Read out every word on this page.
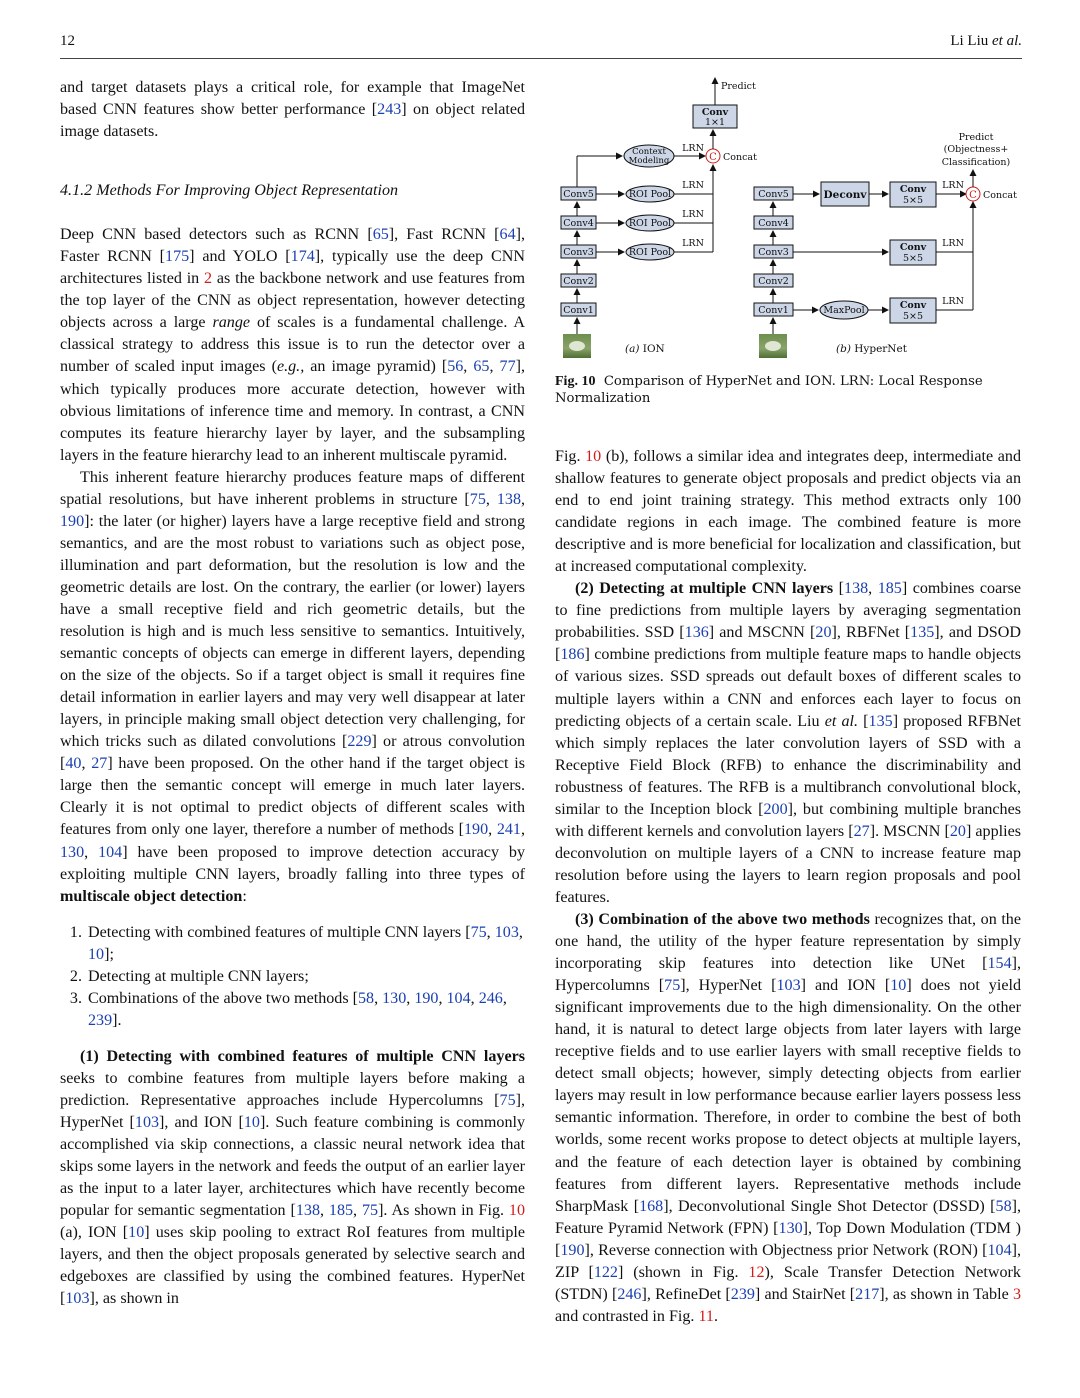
12	Li Liu et al.

and target datasets plays a critical role, for example that ImageNet based CNN features show better performance [243] on object related image datasets.

4.1.2 Methods For Improving Object Representation

Deep CNN based detectors such as RCNN [65], Fast RCNN [64], Faster RCNN [175] and YOLO [174], typically use the deep CNN architectures listed in 2 as the backbone network and use features from the top layer of the CNN as object representation, however detecting objects across a large range of scales is a fundamental challenge. A classical strategy to address this issue is to run the detector over a number of scaled input images (e.g., an image pyramid) [56, 65, 77], which typically produces more accurate detection, however with obvious limitations of inference time and memory. In contrast, a CNN computes its feature hierarchy layer by layer, and the subsampling layers in the feature hierarchy lead to an inherent multiscale pyramid.

This inherent feature hierarchy produces feature maps of different spatial resolutions, but have inherent problems in structure [75, 138, 190]: the later (or higher) layers have a large receptive field and strong semantics, and are the most robust to variations such as object pose, illumination and part deformation, but the resolution is low and the geometric details are lost. On the contrary, the earlier (or lower) layers have a small receptive field and rich geometric details, but the resolution is high and is much less sensitive to semantics. Intuitively, semantic concepts of objects can emerge in different layers, depending on the size of the objects. So if a target object is small it requires fine detail information in earlier layers and may very well disappear at later layers, in principle making small object detection very challenging, for which tricks such as dilated convolutions [229] or atrous convolution [40, 27] have been proposed. On the other hand if the target object is large then the semantic concept will emerge in much later layers. Clearly it is not optimal to predict objects of different scales with features from only one layer, therefore a number of methods [190, 241, 130, 104] have been proposed to improve detection accuracy by exploiting multiple CNN layers, broadly falling into three types of multiscale object detection:

1. Detecting with combined features of multiple CNN layers [75, 103, 10];
2. Detecting at multiple CNN layers;
3. Combinations of the above two methods [58, 130, 190, 104, 246, 239].

(1) Detecting with combined features of multiple CNN layers seeks to combine features from multiple layers before making a prediction. Representative approaches include Hypercolumns [75], HyperNet [103], and ION [10]. Such feature combining is commonly accomplished via skip connections, a classic neural network idea that skips some layers in the network and feeds the output of an earlier layer as the input to a later layer, architectures which have recently become popular for semantic segmentation [138, 185, 75]. As shown in Fig. 10 (a), ION [10] uses skip pooling to extract RoI features from multiple layers, and then the object proposals generated by selective search and edgeboxes are classified by using the combined features. HyperNet [103], as shown in

Conv1
Conv2
Conv3
Conv4
Conv5	ROI Pool
ROI Pool
ROI Pool
LRN
LRN
LRN
Context
Modeling
LRN
C Concat
Conv
1×1
Predict
(a) ION
Conv1
Conv2
Conv3
Conv4
Conv5	Deconv
MaxPool
Conv
5×5
Conv
5×5
Conv
5×5
LRN
LRN
LRN
C Concat
Predict
(Objectness+
Classification)
(b) HyperNet
Fig. 10 Comparison of HyperNet and ION. LRN: Local Response Normalization

Fig. 10 (b), follows a similar idea and integrates deep, intermediate and shallow features to generate object proposals and predict objects via an end to end joint training strategy. This method extracts only 100 candidate regions in each image. The combined feature is more descriptive and is more beneficial for localization and classification, but at increased computational complexity.

(2) Detecting at multiple CNN layers [138, 185] combines coarse to fine predictions from multiple layers by averaging segmentation probabilities. SSD [136] and MSCNN [20], RBFNet [135], and DSOD [186] combine predictions from multiple feature maps to handle objects of various sizes. SSD spreads out default boxes of different scales to multiple layers within a CNN and enforces each layer to focus on predicting objects of a certain scale. Liu et al. [135] proposed RFBNet which simply replaces the later convolution layers of SSD with a Receptive Field Block (RFB) to enhance the discriminability and robustness of features. The RFB is a multibranch convolutional block, similar to the Inception block [200], but combining multiple branches with different kernels and convolution layers [27]. MSCNN [20] applies deconvolution on multiple layers of a CNN to increase feature map resolution before using the layers to learn region proposals and pool features.

(3) Combination of the above two methods recognizes that, on the one hand, the utility of the hyper feature representation by simply incorporating skip features into detection like UNet [154], Hypercolumns [75], HyperNet [103] and ION [10] does not yield significant improvements due to the high dimensionality. On the other hand, it is natural to detect large objects from later layers with large receptive fields and to use earlier layers with small receptive fields to detect small objects; however, simply detecting objects from earlier layers may result in low performance because earlier layers possess less semantic information. Therefore, in order to combine the best of both worlds, some recent works propose to detect objects at multiple layers, and the feature of each detection layer is obtained by combining features from different layers. Representative methods include SharpMask [168], Deconvolutional Single Shot Detector (DSSD) [58], Feature Pyramid Network (FPN) [130], Top Down Modulation (TDM )[190], Reverse connection with Objectness prior Network (RON) [104], ZIP [122] (shown in Fig. 12), Scale Transfer Detection Network (STDN) [246], RefineDet [239] and StairNet [217], as shown in Table 3 and contrasted in Fig. 11.
